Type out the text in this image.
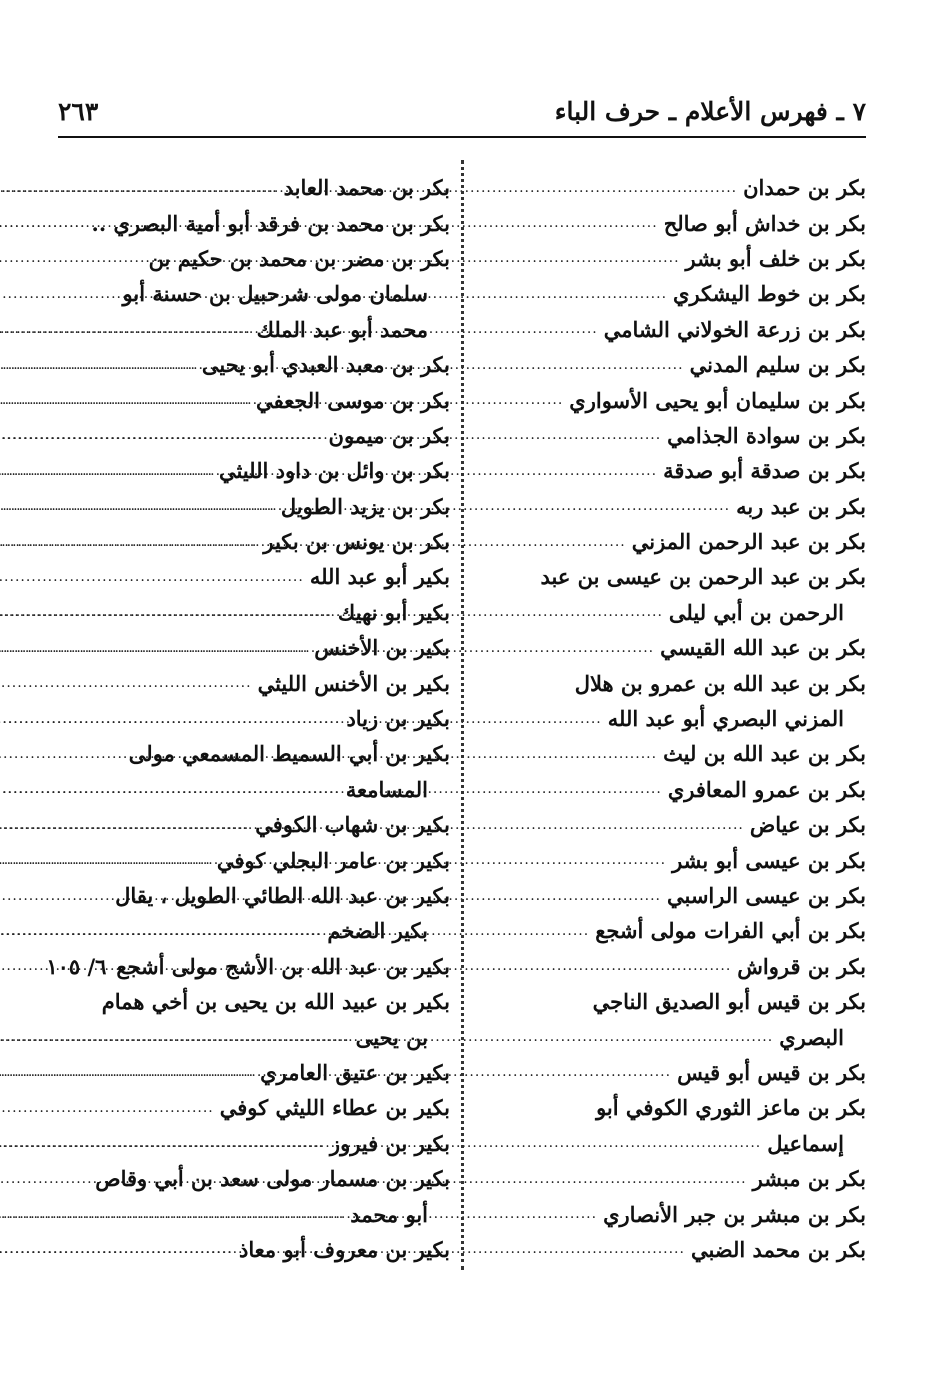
٧ ـ فهرس الأعلام ـ حرف الباء
٢٦٣
بكر بن حمدان
.....
بكر بن خداش أبو صالح
.....
بكر بن خلف أبو بشر
.....
بكر بن خوط اليشكري
.....
بكر بن زرعة الخولاني الشامي
.....
بكر بن سليم المدني
.....
بكر بن سليمان أبو يحيى الأسواري
.....
بكر بن سوادة الجذامي
.....
بكر بن صدقة أبو صدقة
.....
بكر بن عبد ربه
.....
بكر بن عبد الرحمن المزني
.....
بكر بن عبد الرحمن بن عيسى بن عبد
الرحمن بن أبي ليلى
.....
بكر بن عبد الله القيسي
.....
بكر بن عبد الله بن عمرو بن هلال
المزني البصري أبو عبد الله
.....
بكر بن عبد الله بن ليث
.....
بكر بن عمرو المعافري
.....
بكر بن عياض
.....
بكر بن عيسى أبو بشر
.....
بكر بن عيسى الراسبي
.....
بكر بن أبي الفرات مولى أشجع
.....
بكر بن قرواش
.....
بكر بن قيس أبو الصديق الناجي
البصري
.....
بكر بن قيس أبو قيس
.....
بكر بن ماعز الثوري الكوفي أبو
إسماعيل
.....
بكر بن مبشر
.....
بكر بن مبشر بن جبر الأنصاري
.....
بكر بن محمد الضبي
.....
بكر بن محمد العابد
.....
بكر بن محمد بن فرقد أبو أمية البصري ..
.....
بكر بن مضر بن محمد بن حكيم بن
سلمان مولى شرحبيل بن حسنة أبو
محمد أبو عبد الملك
.....
بكر بن معبد العبدي أبو يحيى
.....
بكر بن موسى الجعفي
.....
بكر بن ميمون
.....
بكر بن وائل بن داود الليثي
.....
بكر بن يزيد الطويل
.....
بكر بن يونس بن بكير
.....
بكير أبو عبد الله
.....
بكير أبو نهيك
.....
بكير بن الأخنس
.....
بكير بن الأخنس الليثي
.....
بكير بن زياد
.....
بكير بن أبي السميط المسمعي مولى
المسامعة
.....
بكير بن شهاب الكوفي
.....
بكير بن عامر البجلي كوفي
.....
بكير بن عبد الله الطائي الطويل ، يقال
بكير الضخم
.....
بكير بن عبد الله بن الأشج مولى أشجع
٦/ ١٠٥
بكير بن عبيد الله بن يحيى بن أخي همام
بن يحيى
.....
بكير بن عتيق العامري
.....
بكير بن عطاء الليثي كوفي
.....
بكير بن فيروز
.....
بكير بن مسمار مولى سعد بن أبي وقاص
أبو محمد
.....
بكير بن معروف أبو معاذ
.....
